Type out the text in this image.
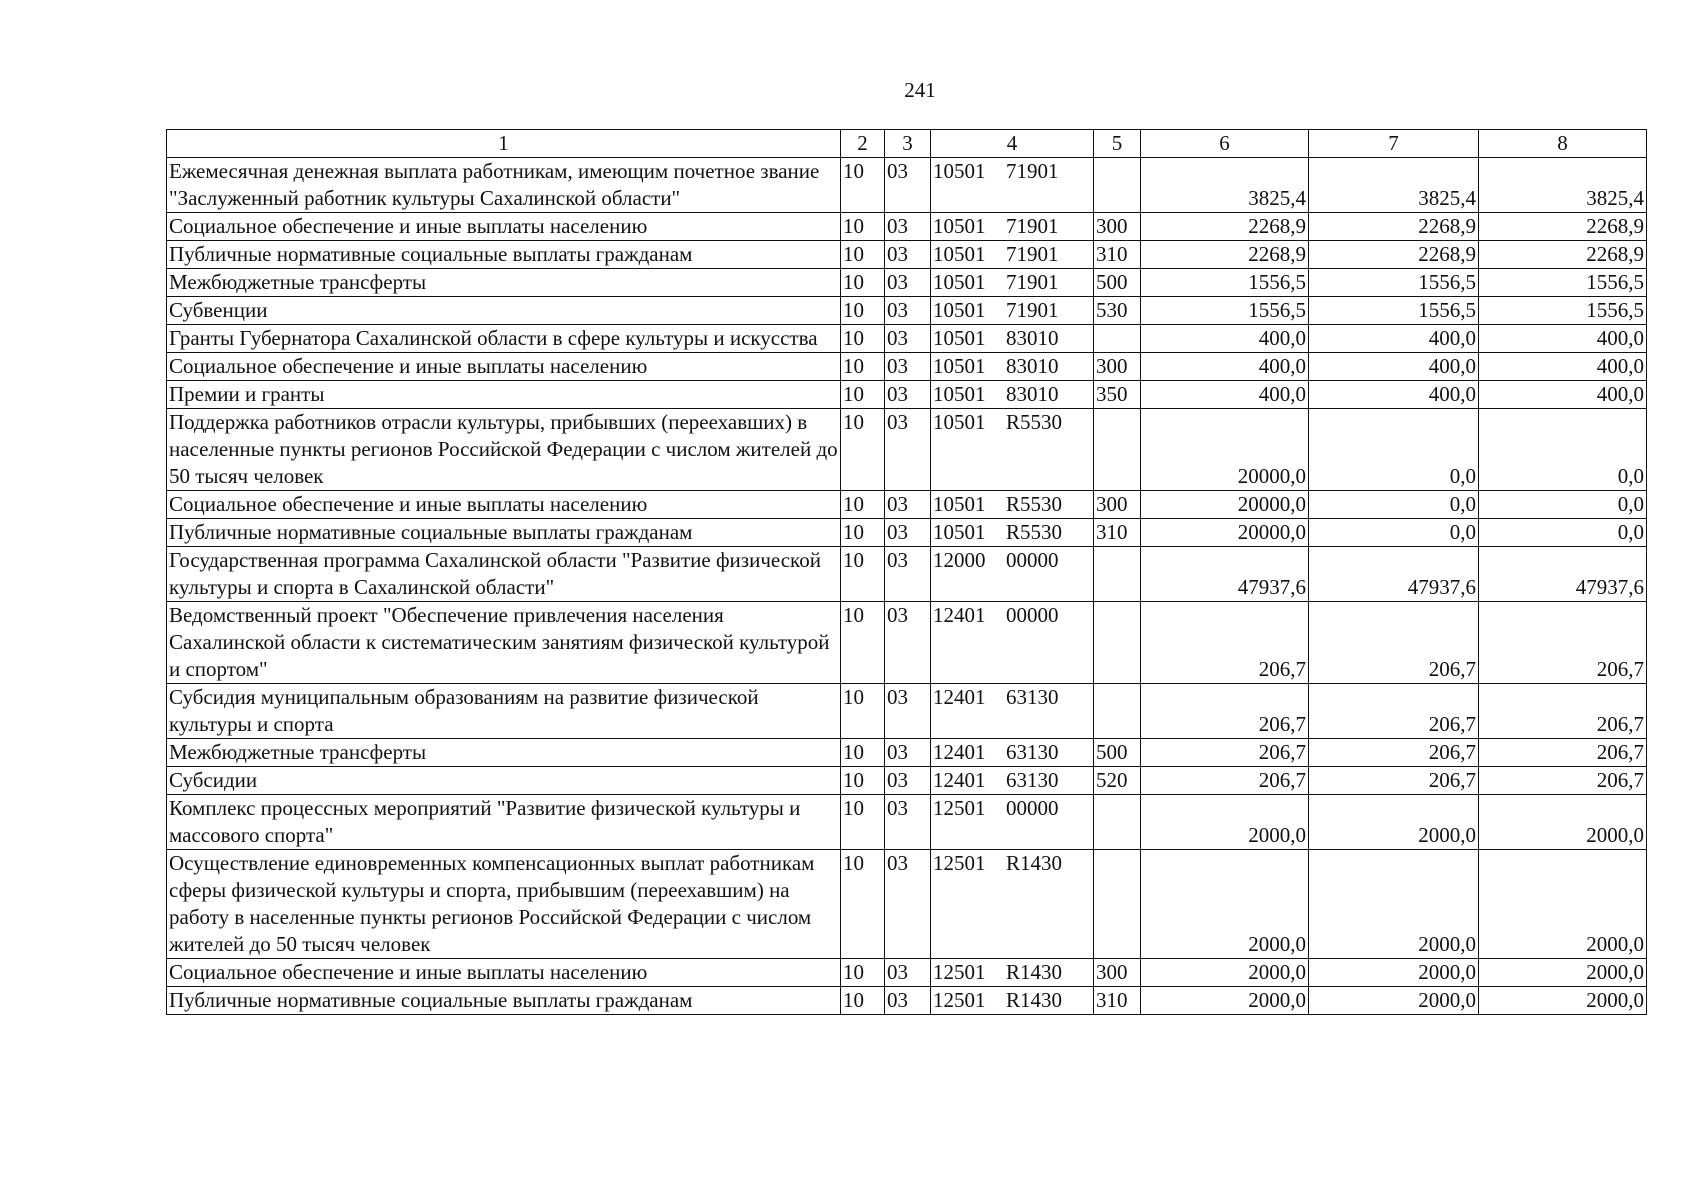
241
1	2	3	4	5	6	7	8
Ежемесячная денежная выплата работникам, имеющим почетное звание "Заслуженный работник культуры Сахалинской области"	10	03	10501 71901		3825,4	3825,4	3825,4
Социальное обеспечение и иные выплаты населению	10	03	10501 71901	300	2268,9	2268,9	2268,9
Публичные нормативные социальные выплаты гражданам	10	03	10501 71901	310	2268,9	2268,9	2268,9
Межбюджетные трансферты	10	03	10501 71901	500	1556,5	1556,5	1556,5
Субвенции	10	03	10501 71901	530	1556,5	1556,5	1556,5
Гранты Губернатора Сахалинской области в сфере культуры и искусства	10	03	10501 83010		400,0	400,0	400,0
Социальное обеспечение и иные выплаты населению	10	03	10501 83010	300	400,0	400,0	400,0
Премии и гранты	10	03	10501 83010	350	400,0	400,0	400,0
Поддержка работников отрасли культуры, прибывших (переехавших) в населенные пункты регионов Российской Федерации с числом жителей до 50 тысяч человек	10	03	10501 R5530		20000,0	0,0	0,0
Социальное обеспечение и иные выплаты населению	10	03	10501 R5530	300	20000,0	0,0	0,0
Публичные нормативные социальные выплаты гражданам	10	03	10501 R5530	310	20000,0	0,0	0,0
Государственная программа Сахалинской области "Развитие физической культуры и спорта в Сахалинской области"	10	03	12000 00000		47937,6	47937,6	47937,6
Ведомственный проект "Обеспечение привлечения населения Сахалинской области к систематическим занятиям физической культурой и спортом"	10	03	12401 00000		206,7	206,7	206,7
Субсидия муниципальным образованиям на развитие физической культуры и спорта	10	03	12401 63130		206,7	206,7	206,7
Межбюджетные трансферты	10	03	12401 63130	500	206,7	206,7	206,7
Субсидии	10	03	12401 63130	520	206,7	206,7	206,7
Комплекс процессных мероприятий "Развитие физической культуры и массового спорта"	10	03	12501 00000		2000,0	2000,0	2000,0
Осуществление единовременных компенсационных выплат работникам сферы физической культуры и спорта, прибывшим (переехавшим) на работу в населенные пункты регионов Российской Федерации с числом жителей до 50 тысяч человек	10	03	12501 R1430		2000,0	2000,0	2000,0
Социальное обеспечение и иные выплаты населению	10	03	12501 R1430	300	2000,0	2000,0	2000,0
Публичные нормативные социальные выплаты гражданам	10	03	12501 R1430	310	2000,0	2000,0	2000,0
